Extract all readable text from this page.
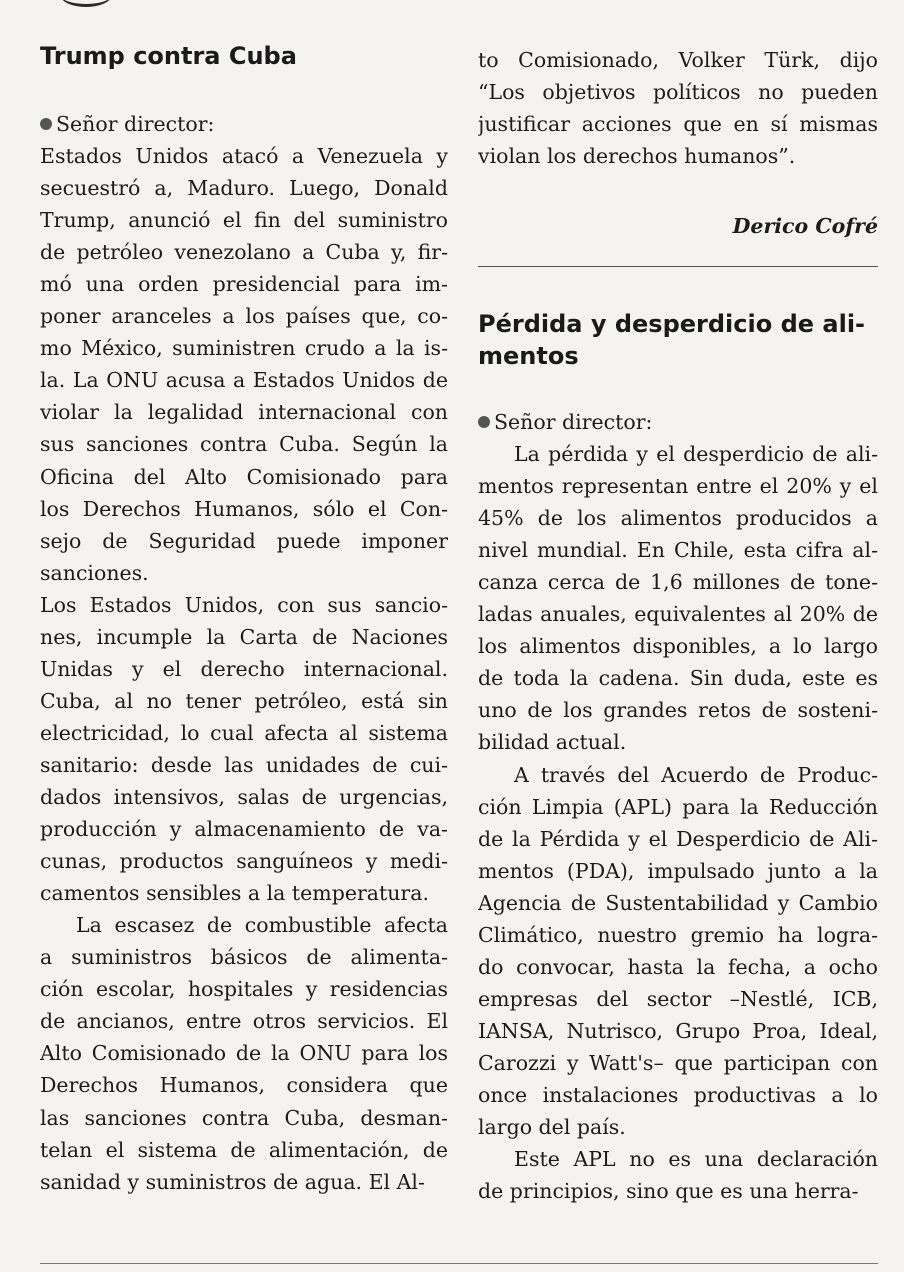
Trump contra Cuba
Señor director:
Estados Unidos atacó a Venezuela y
secuestró a, Maduro. Luego, Donald
Trump, anunció el fin del suministro
de petróleo venezolano a Cuba y, fir-
mó una orden presidencial para im-
poner aranceles a los países que, co-
mo México, suministren crudo a la is-
la. La ONU acusa a Estados Unidos de
violar la legalidad internacional con
sus sanciones contra Cuba. Según la
Oficina del Alto Comisionado para
los Derechos Humanos, sólo el Con-
sejo de Seguridad puede imponer
sanciones.
Los Estados Unidos, con sus sancio-
nes, incumple la Carta de Naciones
Unidas y el derecho internacional.
Cuba, al no tener petróleo, está sin
electricidad, lo cual afecta al sistema
sanitario: desde las unidades de cui-
dados intensivos, salas de urgencias,
producción y almacenamiento de va-
cunas, productos sanguíneos y medi-
camentos sensibles a la temperatura.
La escasez de combustible afecta
a suministros básicos de alimenta-
ción escolar, hospitales y residencias
de ancianos, entre otros servicios. El
Alto Comisionado de la ONU para los
Derechos Humanos, considera que
las sanciones contra Cuba, desman-
telan el sistema de alimentación, de
sanidad y suministros de agua. El Al-
to Comisionado, Volker Türk, dijo
“Los objetivos políticos no pueden
justificar acciones que en sí mismas
violan los derechos humanos”.
Derico Cofré
Pérdida y desperdicio de ali-
mentos
Señor director:
La pérdida y el desperdicio de ali-
mentos representan entre el 20% y el
45% de los alimentos producidos a
nivel mundial. En Chile, esta cifra al-
canza cerca de 1,6 millones de tone-
ladas anuales, equivalentes al 20% de
los alimentos disponibles, a lo largo
de toda la cadena. Sin duda, este es
uno de los grandes retos de sosteni-
bilidad actual.
A través del Acuerdo de Produc-
ción Limpia (APL) para la Reducción
de la Pérdida y el Desperdicio de Ali-
mentos (PDA), impulsado junto a la
Agencia de Sustentabilidad y Cambio
Climático, nuestro gremio ha logra-
do convocar, hasta la fecha, a ocho
empresas del sector –Nestlé, ICB,
IANSA, Nutrisco, Grupo Proa, Ideal,
Carozzi y Watt's– que participan con
once instalaciones productivas a lo
largo del país.
Este APL no es una declaración
de principios, sino que es una herra-
